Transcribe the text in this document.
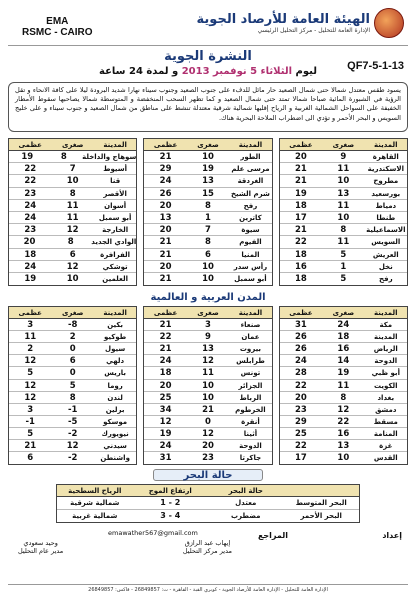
EMA
RSMC - CAIRO
الهيئة العامة للأرصاد الجوية
الإدارة العامة للتحليل - مركز التحليل الرئيسي
النشرة الجوية
ليوم الثلاثاء 5 نوفمبر 2013 و لمدة 24 ساعة	QF7-5-1-13
يسود طقس معتدل شمالا حتى شمال الصعيد حار مائل للدفء على جنوب الصعيد وجنوب سيناء نهارا شديد البرودة ليلا على كافة الانحاء و تقل الرؤية في الشبورة المائية صباحا شمالا تمتد حتى شمال الصعيد و كما تظهر السحب المنخفضة و المتوسطة شمالا يصاحبها سقوط الأمطار الخفيفة على السواحل الشمالية الغربية و الرياح إقليها شمالية شرقية معتدلة تنشط على مناطق من شمال الصعيد و جنوب سيناء و على خليج السويس و البحر الأحمر و تؤدي الى اضطراب الملاحة البحرية هناك.
المدينة
صغرى
عظمى
القاهرة
9
20
الاسكندرية
11
21
مطروح
10
21
بورسعيد
13
19
دمياط
11
18
طنطا
10
17
الاسماعيلية
8
21
السويس
11
22
العريش
5
18
نخل
1
16
رفح
5
18
المدينة
صغرى
عظمى
الطور
10
21
مرسى علم
19
29
الغردقة
13
24
شرم الشيخ
15
26
رفح
8
20
كاترين
1
13
سيوة
7
20
الفيوم
8
21
المنيا
6
21
رأس سدر
10
20
أبو سمبل
10
21
المدينة
صغرى
عظمى
سوهاج والداخلة
8
19
أسيوط
7
22
قنا
10
22
الأقصر
8
23
أسوان
11
24
أبو سمبل
11
24
الخارجة
12
23
الوادي الجديد
8
20
الفرافرة
6
18
توشكي
12
24
العلمين
10
19
المدن العربية و العالمية
المدينة
صغرى
عظمى
مكة
24
31
المدينة
18
26
الرياض
16
26
الدوحة
14
24
أبو ظبي
19
28
الكويت
11
22
بغداد
8
20
دمشق
12
23
مسقط
22
29
المنامة
16
25
غزة
13
22
القدس
10
17
المدينة
صغرى
عظمى
صنعاء
3
21
عمان
9
22
بيروت
13
21
طرابلس
12
24
تونس
11
18
الجزائر
10
20
الرباط
10
25
الخرطوم
21
34
أنقرة
0
12
أثينا
12
19
الدوحة
20
24
جاكرتا
23
31
المدينة
صغرى
عظمى
بكين
-8
3
طوكيو
2
11
سيول
0
2
دلهي
6
12
باريس
0
5
روما
5
12
لندن
8
12
برلين
-1
3
موسكو
-5
-1
نيويورك
-2
5
سيدني
12
21
واشنطن
-2
6
حالة البحر
حالة البحر
ارتفاع الموج
الرياح السطحية
البحر المتوسط
معتدل
1 - 2
شمالية شرقية
البحر الأحمر
مضطرب
3 - 4
شمالية غربية
إعداد
المراجع
إيهاب عبد الرازق
مدير مركز التحليل
وحيد سعودي
مدير عام التحليل
emawather567@gmail.com
الإدارة العامة للتحليل - الإدارة العامة للأرصاد الجوية - كوبري القبة - القاهرة - ت: 26849857 - فاكس: 26849857
